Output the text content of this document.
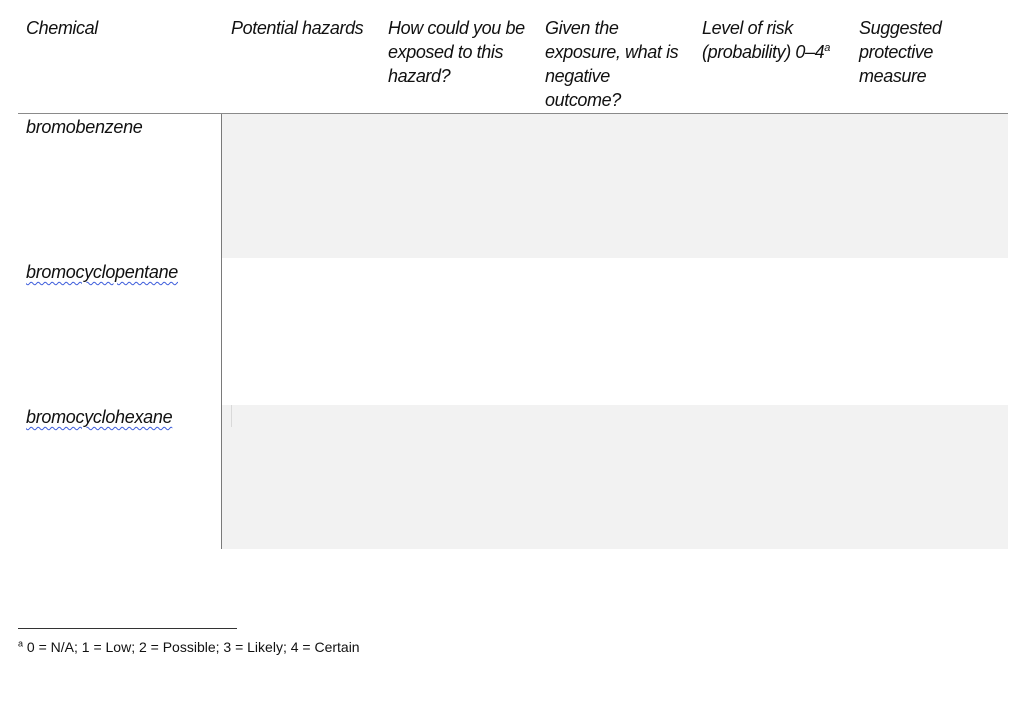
Chemical	Potential hazards	How could you be
exposed to this
hazard?
Given the
exposure, what is
negative
outcome?
Level of risk
(probability) 0–4$^a$
Suggested
protective
measure
bromobenzene
bromocyclopentane
bromocyclohexane
$^a$ 0 = N/A; 1 = Low; 2 = Possible; 3 = Likely; 4 = Certain
